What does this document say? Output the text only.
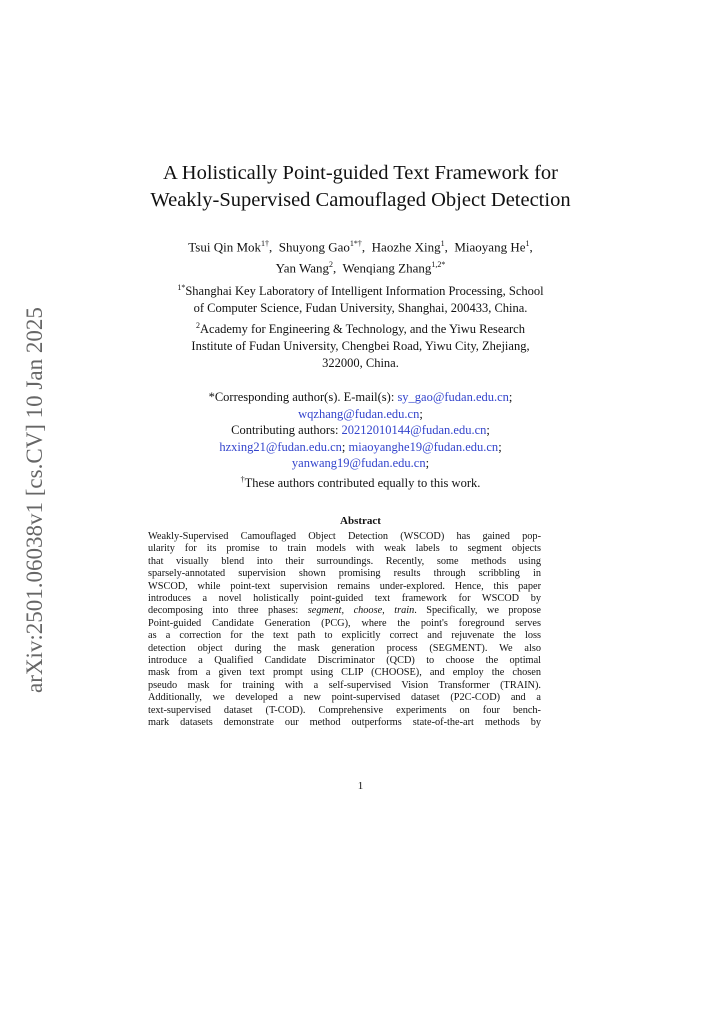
arXiv:2501.06038v1 [cs.CV] 10 Jan 2025
A Holistically Point-guided Text Framework for
Weakly-Supervised Camouflaged Object Detection
Tsui Qin Mok$^{1\dagger}$,  Shuyong Gao$^{1*\dagger}$,  Haozhe Xing$^1$,  Miaoyang He$^1$,
Yan Wang$^2$,  Wenqiang Zhang$^{1,2*}$
$^{1*}$Shanghai Key Laboratory of Intelligent Information Processing, School
of Computer Science, Fudan University, Shanghai, 200433, China.
$^2$Academy for Engineering & Technology, and the Yiwu Research
Institute of Fudan University, Chengbei Road, Yiwu City, Zhejiang,
322000, China.
*Corresponding author(s). E-mail(s): sy_gao@fudan.edu.cn;
wqzhang@fudan.edu.cn;
Contributing authors: 20212010144@fudan.edu.cn;
hzxing21@fudan.edu.cn; miaoyanghe19@fudan.edu.cn;
yanwang19@fudan.edu.cn;
†These authors contributed equally to this work.
Abstract
Weakly-Supervised Camouflaged Object Detection (WSCOD) has gained pop-
ularity for its promise to train models with weak labels to segment objects
that visually blend into their surroundings. Recently, some methods using
sparsely-annotated supervision shown promising results through scribbling in
WSCOD, while point-text supervision remains under-explored. Hence, this paper
introduces a novel holistically point-guided text framework for WSCOD by
decomposing into three phases: segment, choose, train. Specifically, we propose
Point-guided Candidate Generation (PCG), where the point's foreground serves
as a correction for the text path to explicitly correct and rejuvenate the loss
detection object during the mask generation process (SEGMENT). We also
introduce a Qualified Candidate Discriminator (QCD) to choose the optimal
mask from a given text prompt using CLIP (CHOOSE), and employ the chosen
pseudo mask for training with a self-supervised Vision Transformer (TRAIN).
Additionally, we developed a new point-supervised dataset (P2C-COD) and a
text-supervised dataset (T-COD). Comprehensive experiments on four bench-
mark datasets demonstrate our method outperforms state-of-the-art methods by
1
